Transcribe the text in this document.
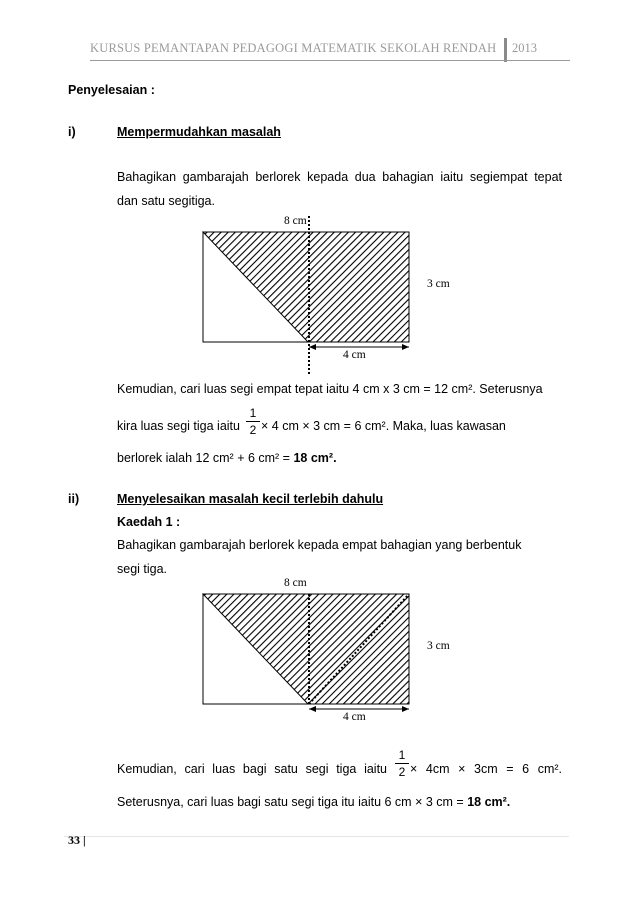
KURSUS PEMANTAPAN PEDAGOGI MATEMATIK SEKOLAH RENDAH 2013
Penyelesaian :
i)	Mempermudahkan masalah
Bahagikan gambarajah berlorek kepada dua bahagian iaitu segiempat tepat
dan satu segitiga.
8 cm
3 cm
4 cm
Kemudian, cari luas segi empat tepat iaitu 4 cm x 3 cm = 12 cm². Seterusnya
kira luas segi tiga iaitu
1
2 × 4 cm × 3 cm = 6 cm². Maka, luas kawasan
berlorek ialah 12 cm² + 6 cm² = 18 cm².
ii)	Menyelesaikan masalah kecil terlebih dahulu
Kaedah 1 :
Bahagikan gambarajah berlorek kepada empat bahagian yang berbentuk
segi tiga.
8 cm
3 cm
4 cm
Kemudian, cari luas bagi satu segi tiga iaitu
1
2 × 4cm × 3cm = 6 cm².
Seterusnya, cari luas bagi satu segi tiga itu iaitu 6 cm × 3 cm = 18 cm².
33 |
